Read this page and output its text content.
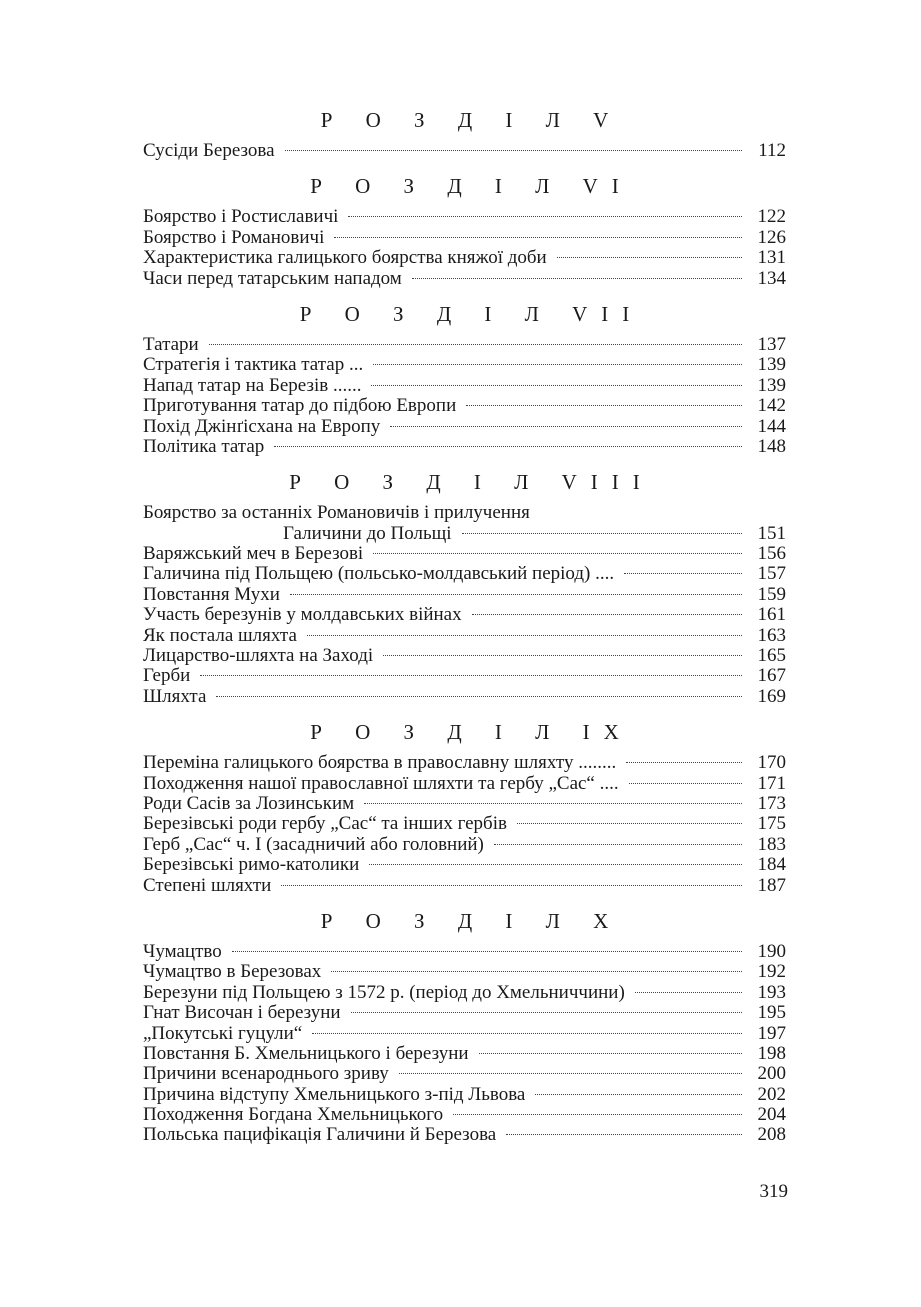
Р О З Д І Л V
Сусіди Березова	112
Р О З Д І Л VI
Боярство і Ростиславичі	122
Боярство і Романовичі	126
Характеристика галицького боярства княжої доби	131
Часи перед татарським нападом	134
Р О З Д І Л VII
Татари	137
Стратегія і тактика татар ...	139
Напад татар на Березів ......	139
Приготування татар до підбою Европи	142
Похід Джінґісхана на Европу	144
Політика татар	148
Р О З Д І Л VIII
Боярство за останніх Романовичів і прилучення
Галичини до Польщі	151
Варяжський меч в Березові	156
Галичина під Польщею (польсько-молдавський період) ....	157
Повстання Мухи	159
Участь березунів у молдавських війнах	161
Як постала шляхта	163
Лицарство-шляхта на Заході	165
Герби	167
Шляхта	169
Р О З Д І Л IX
Переміна галицького боярства в православну шляхту ........	170
Походження нашої православної шляхти та гербу „Сас“ ....	171
Роди Сасів за Лозинським	173
Березівські роди гербу „Сас“ та інших гербів	175
Герб „Сас“ ч. І (засадничий або головний)	183
Березівські римо-католики	184
Степені шляхти	187
Р О З Д І Л X
Чумацтво	190
Чумацтво в Березовах	192
Березуни під Польщею з 1572 р. (період до Хмельниччини)	193
Гнат Височан і березуни	195
„Покутські гуцули“	197
Повстання Б. Хмельницького і березуни	198
Причини всенароднього зриву	200
Причина відступу Хмельницького з-під Львова	202
Походження Богдана Хмельницького	204
Польська пацифікація Галичини й Березова	208
319
